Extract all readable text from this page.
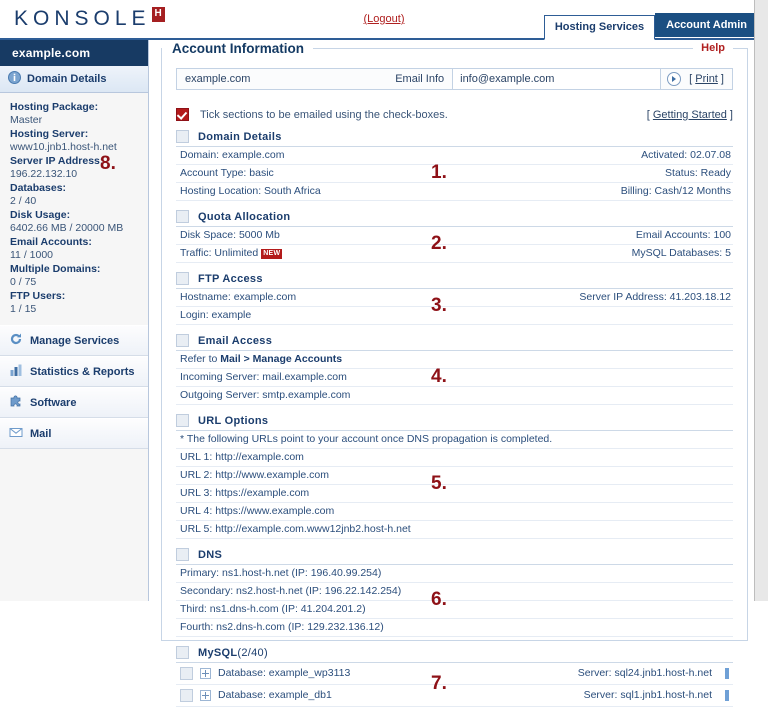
KONSOLE H	(Logout)
Hosting Services	Account Admin
example.com
Domain Details
Hosting Package:
Master
Hosting Server:
www10.jnb1.host-h.net
Server IP Address:
196.22.132.10
Databases:
2 / 40
Disk Usage:
6402.66 MB / 20000 MB
Email Accounts:
11 / 1000
Multiple Domains:
0 / 75
FTP Users:
1 / 15
8.
Manage Services
Statistics & Reports
Software
Mail
Account Information	Help
example.com	Email Info	info@example.com	[ Print ]
Tick sections to be emailed using the check-boxes.	[ Getting Started ]
Domain Details
Domain: example.com	Activated: 02.07.08
Account Type: basic	Status: Ready
Hosting Location: South Africa	Billing: Cash/12 Months
1.
Quota Allocation
Disk Space: 5000 Mb	Email Accounts: 100
Traffic: Unlimited NEW	MySQL Databases: 5
2.
FTP Access
Hostname: example.com	Server IP Address: 41.203.18.12
Login: example	3.
Email Access
Refer to Mail > Manage Accounts
Incoming Server: mail.example.com
Outgoing Server: smtp.example.com
4.
URL Options
* The following URLs point to your account once DNS propagation is completed.
URL 1: http://example.com
URL 2: http://www.example.com
URL 3: https://example.com
URL 4: https://www.example.com
URL 5: http://example.com.www12jnb2.host-h.net
5.
DNS
Primary: ns1.host-h.net (IP: 196.40.99.254)
Secondary: ns2.host-h.net (IP: 196.22.142.254)
Third: ns1.dns-h.com (IP: 41.204.201.2)
Fourth: ns2.dns-h.com (IP: 129.232.136.12)
6.
MySQL(2/40)
Database: example_wp3113	Server: sql24.jnb1.host-h.net
Database: example_db1	Server: sql1.jnb1.host-h.net
7.
